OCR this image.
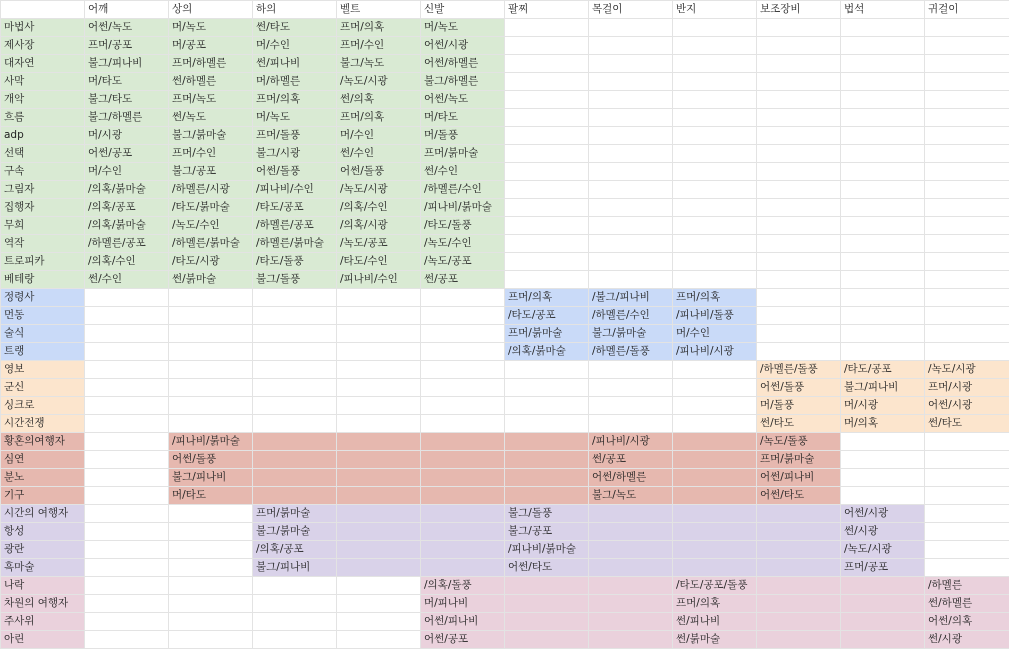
	어깨	상의	하의	벨트	신발	팔찌	목걸이	반지	보조장비	법석	귀걸이
마법사	어썬/녹도	머/녹도	썬/타도	프머/의혹	머/녹도						
제사장	프머/공포	머/공포	머/수인	프머/수인	어썬/시광						
대자연	불그/피나비	프머/하멜른	썬/피나비	불그/녹도	어썬/하멜른						
사막	머/타도	썬/하멜른	머/하멜른	/녹도/시광	불그/하멜른						
개악	불그/타도	프머/녹도	프머/의혹	썬/의혹	어썬/녹도						
흐름	불그/하멜른	썬/녹도	머/녹도	프머/의혹	머/타도						
adp	머/시광	불그/붉마술	프머/돌풍	머/수인	머/돌풍						
선택	어썬/공포	프머/수인	불그/시광	썬/수인	프머/붉마술						
구속	머/수인	불그/공포	어썬/돌풍	어썬/돌풍	썬/수인						
그림자	/의혹/붉마술	/하멜른/시광	/피나비/수인	/녹도/시광	/하멜른/수인						
집행자	/의혹/공포	/타도/붉마술	/타도/공포	/의혹/수인	/피나비/붉마술						
무희	/의혹/붉마술	/녹도/수인	/하멜른/공포	/의혹/시광	/타도/돌풍						
역작	/하멜른/공포	/하멜른/붉마술	/하멜른/붉마술	/녹도/공포	/녹도/수인						
트로피카	/의혹/수인	/타도/시광	/타도/돌풍	/타도/수인	/녹도/공포						
베테랑	썬/수인	썬/붉마술	불그/돌풍	/피나비/수인	썬/공포						
정령사						프머/의혹	/불그/피나비	프머/의혹			
먼동						/타도/공포	/하멜른/수인	/피나비/돌풍			
술식						프머/붉마술	불그/붉마술	머/수인			
트랭						/의혹/붉마술	/하멜른/돌풍	/피나비/시광			
영보									/하멜른/돌풍	/타도/공포	/녹도/시광
군신									어썬/돌풍	불그/피나비	프머/시광
싱크로									머/돌풍	머/시광	어썬/시광
시간전쟁									썬/타도	머/의혹	썬/타도
황혼의여행자		/피나비/붉마술					/피나비/시광		/녹도/돌풍		
심연		어썬/돌풍					썬/공포		프머/붉마술		
분노		불그/피나비					어썬/하멜른		어썬/피나비		
기구		머/타도					불그/녹도		어썬/타도		
시간의 여행자			프머/붉마술			불그/돌풍				어썬/시광	
항성			불그/붉마술			불그/공포				썬/시광	
광란			/의혹/공포			/피나비/붉마술				/녹도/시광	
흑마술			불그/피나비			어썬/타도				프머/공포	
나락					/의혹/돌풍			/타도/공포/돌풍			/하멜른
차원의 여행자					머/피나비			프머/의혹			썬/하멜른
주사위					어썬/피나비			썬/피나비			어썬/의혹
아린					어썬/공포			썬/붉마술			썬/시광
